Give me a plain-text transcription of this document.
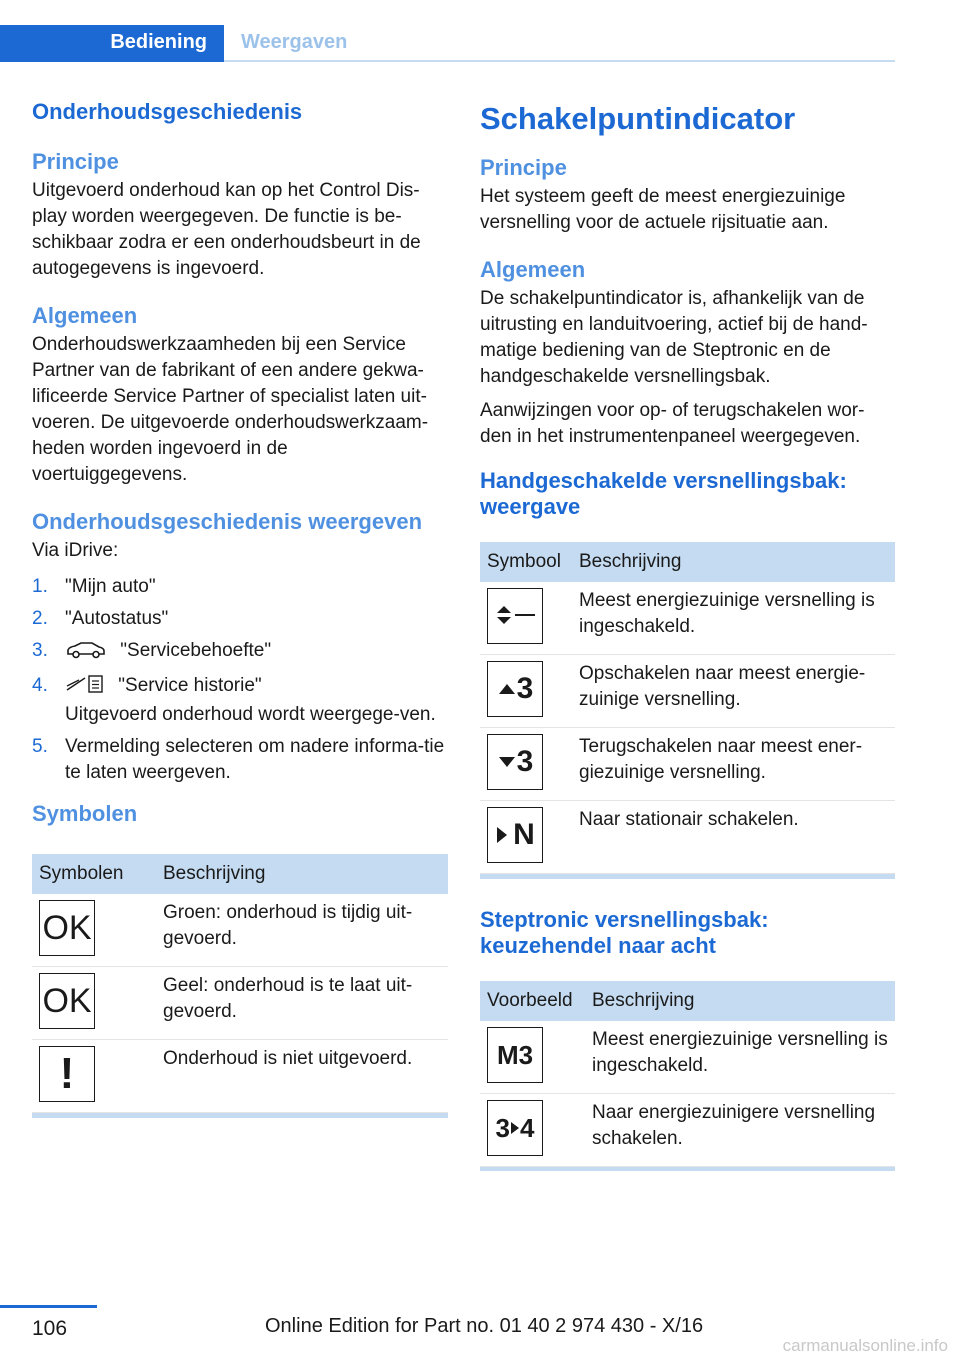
Bediening	Weergaven
Onderhoudsgeschiedenis
Principe

Uitgevoerd onderhoud kan op het Control Dis-play worden weergegeven. De functie is be-schikbaar zodra er een onderhoudsbeurt in de autogegevens is ingevoerd.

Algemeen

Onderhoudswerkzaamheden bij een Service Partner van de fabrikant of een andere gekwa-lificeerde Service Partner of specialist laten uit-voeren. De uitgevoerde onderhoudswerkzaam-heden worden ingevoerd in de voertuiggegevens.

Onderhoudsgeschiedenis weergeven

Via iDrive:

1. "Mijn auto"
2. "Autostatus"
3.	"Servicebehoefte"
4.	"Service historie"
Uitgevoerd onderhoud wordt weergege-ven.
5. Vermelding selecteren om nadere informa-tie te laten weergeven.
Symbolen
Symbolen	Beschrijving

OK	Groen: onderhoud is tijdig uit-gevoerd.

OK	Geel: onderhoud is te laat uit-gevoerd.

!	Onderhoud is niet uitgevoerd.

Schakelpuntindicator
Principe

Het systeem geeft de meest energiezuinige versnelling voor de actuele rijsituatie aan.

Algemeen

De schakelpuntindicator is, afhankelijk van de uitrusting en landuitvoering, actief bij de hand-matige bediening van de Steptronic en de handgeschakelde versnellingsbak.

Aanwijzingen voor op- of terugschakelen wor-den in het instrumentenpaneel weergegeven.

Handgeschakelde versnellingsbak: weergave
Symbool	Beschrijving

	Meest energiezuinige versnelling is ingeschakeld.

3	Opschakelen naar meest energie-zuinige versnelling.

3	Terugschakelen naar meest ener-giezuinige versnelling.

N	Naar stationair schakelen.

Steptronic versnellingsbak: keuzehendel naar acht
Voorbeeld	Beschrijving

M3	Meest energiezuinige versnelling is ingeschakeld.

3 4	Naar energiezuinigere versnelling schakelen.

106	Online Edition for Part no. 01 40 2 974 430 - X/16
carmanualsonline.info
